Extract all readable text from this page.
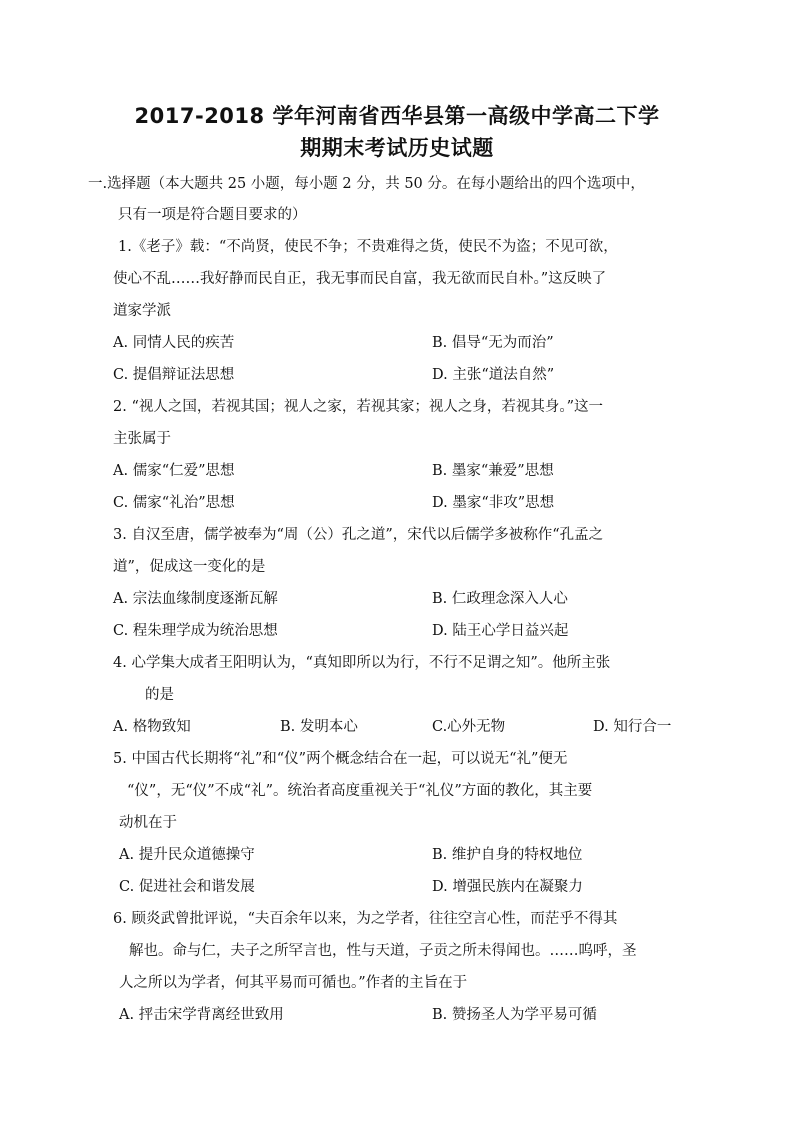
2017-2018 学年河南省西华县第一高级中学高二下学
期期末考试历史试题
一.选择题（本大题共 25 小题，每小题 2 分，共 50 分。在每小题给出的四个选项中，
只有一项是符合题目要求的）
1.《老子》载：“不尚贤，使民不争；不贵难得之货，使民不为盗；不见可欲，
使心不乱……我好静而民自正，我无事而民自富，我无欲而民自朴。”这反映了
道家学派
A. 同情人民的疾苦	B. 倡导“无为而治”
C. 提倡辩证法思想	D. 主张“道法自然”
2. “视人之国，若视其国；视人之家，若视其家；视人之身，若视其身。”这一
主张属于
A. 儒家“仁爱”思想	B. 墨家“兼爱”思想
C. 儒家“礼治”思想	D. 墨家“非攻”思想
3. 自汉至唐，儒学被奉为“周（公）孔之道”，宋代以后儒学多被称作“孔孟之
道”，促成这一变化的是
A. 宗法血缘制度逐渐瓦解	B. 仁政理念深入人心
C. 程朱理学成为统治思想	D. 陆王心学日益兴起
4. 心学集大成者王阳明认为，“真知即所以为行，不行不足谓之知”。他所主张
的是
A. 格物致知	B. 发明本心	C.心外无物	D. 知行合一
5. 中国古代长期将“礼”和“仪”两个概念结合在一起，可以说无“礼”便无
“仪”，无“仪”不成“礼”。统治者高度重视关于“礼仪”方面的教化，其主要
动机在于
A. 提升民众道德操守	B. 维护自身的特权地位
C. 促进社会和谐发展	D. 增强民族内在凝聚力
6. 顾炎武曾批评说，“夫百余年以来，为之学者，往往空言心性，而茫乎不得其
解也。命与仁，夫子之所罕言也，性与天道，子贡之所未得闻也。……呜呼，圣
人之所以为学者，何其平易而可循也。”作者的主旨在于
A. 抨击宋学背离经世致用	B. 赞扬圣人为学平易可循
